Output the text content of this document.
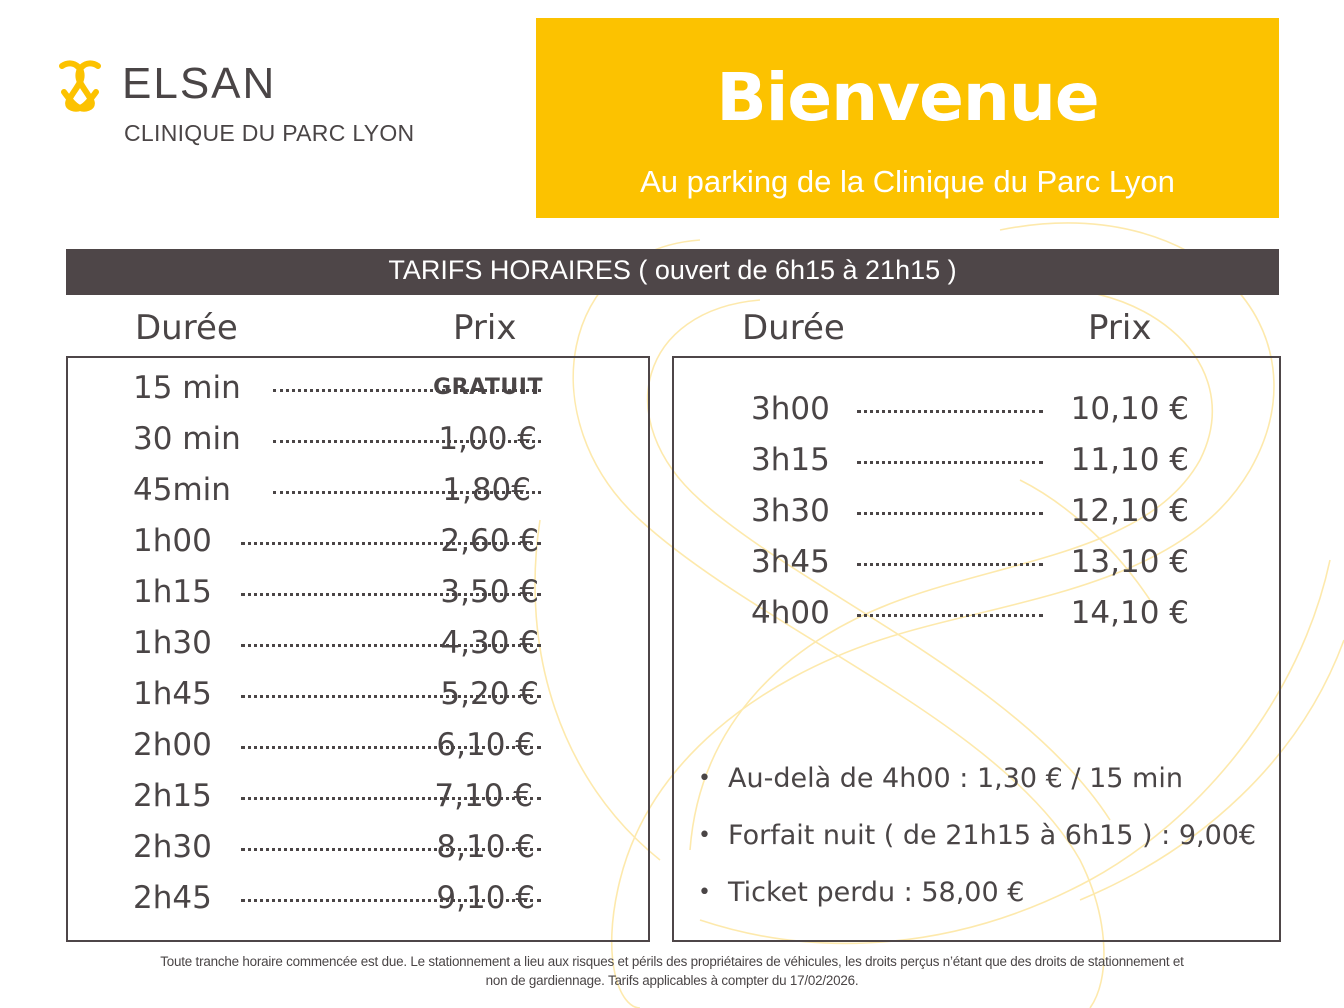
ELSAN
CLINIQUE DU PARC LYON	Bienvenue
Au parking de la Clinique du Parc Lyon
TARIFS HORAIRES ( ouvert de 6h15 à 21h15 )
Durée	Prix	Durée	Prix
15 min	GRATUIT
30 min	1,00 €
45min	1,80€
1h00	2,60 €
1h15	3,50 €
1h30	4,30 €
1h45	5,20 €
2h00	6,10 €
2h15	7,10 €
2h30	8,10 €
2h45	9,10 €
3h00	10,10 €
3h15	11,10 €
3h30	12,10 €
3h45	13,10 €
4h00	14,10 €
• Au-delà de 4h00 : 1,30 € / 15 min
• Forfait nuit ( de 21h15 à 6h15 ) : 9,00€
• Ticket perdu : 58,00 €
Toute tranche horaire commencée est due. Le stationnement a lieu aux risques et périls des propriétaires de véhicules, les droits perçus n’étant que des droits de stationnement et
non de gardiennage. Tarifs applicables à compter du 17/02/2026.
